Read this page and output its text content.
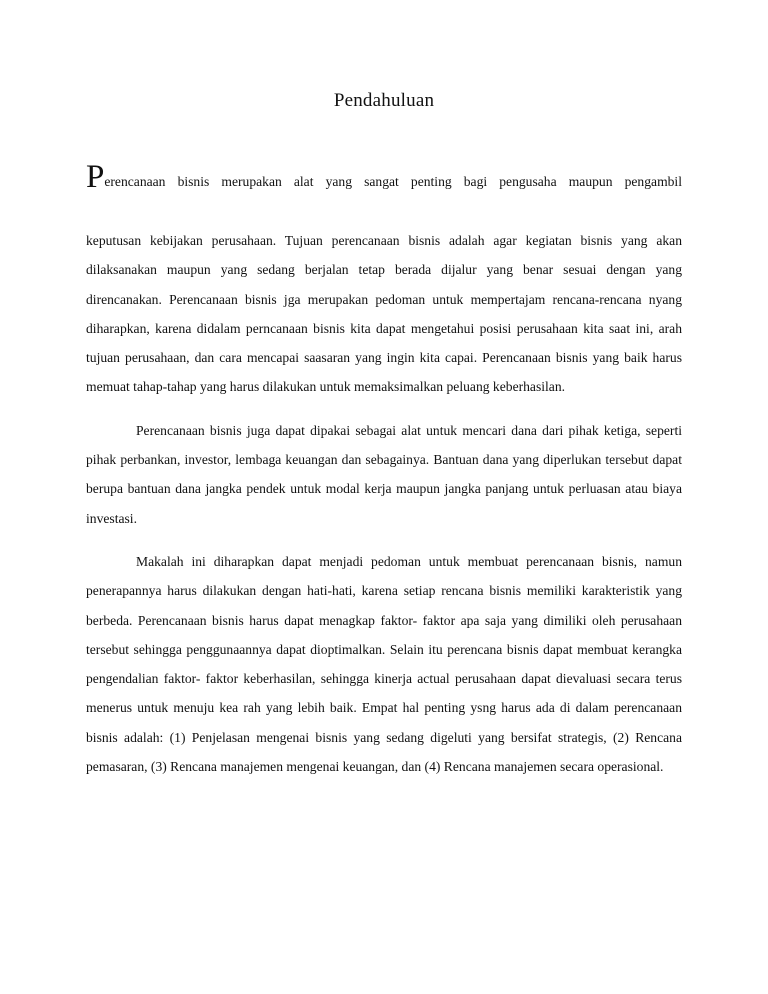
Pendahuluan
Perencanaan bisnis merupakan alat yang sangat penting bagi pengusaha maupun pengambil

keputusan kebijakan perusahaan. Tujuan perencanaan bisnis adalah agar kegiatan bisnis yang akan dilaksanakan maupun yang sedang berjalan tetap berada dijalur yang benar sesuai dengan yang direncanakan. Perencanaan bisnis jga merupakan pedoman untuk mempertajam rencana-rencana nyang diharapkan, karena didalam perncanaan bisnis kita dapat mengetahui posisi perusahaan kita saat ini, arah tujuan perusahaan, dan cara mencapai saasaran yang ingin kita capai. Perencanaan bisnis yang baik harus memuat tahap-tahap yang harus dilakukan untuk memaksimalkan peluang keberhasilan.

Perencanaan bisnis juga dapat dipakai sebagai alat untuk mencari dana dari pihak ketiga, seperti pihak perbankan, investor, lembaga keuangan dan sebagainya. Bantuan dana yang diperlukan tersebut dapat berupa bantuan dana jangka pendek untuk modal kerja maupun jangka panjang untuk perluasan atau biaya investasi.

Makalah ini diharapkan dapat menjadi pedoman untuk membuat perencanaan bisnis, namun penerapannya harus dilakukan dengan hati-hati, karena setiap rencana bisnis memiliki karakteristik yang berbeda. Perencanaan bisnis harus dapat menagkap faktor- faktor apa saja yang dimiliki oleh perusahaan tersebut sehingga penggunaannya dapat dioptimalkan. Selain itu perencana bisnis dapat membuat kerangka pengendalian faktor- faktor keberhasilan, sehingga kinerja actual perusahaan dapat dievaluasi secara terus menerus untuk menuju kea rah yang lebih baik. Empat hal penting ysng harus ada di dalam perencanaan bisnis adalah: (1) Penjelasan mengenai bisnis yang sedang digeluti yang bersifat strategis, (2) Rencana pemasaran, (3) Rencana manajemen mengenai keuangan, dan (4) Rencana manajemen secara operasional.
